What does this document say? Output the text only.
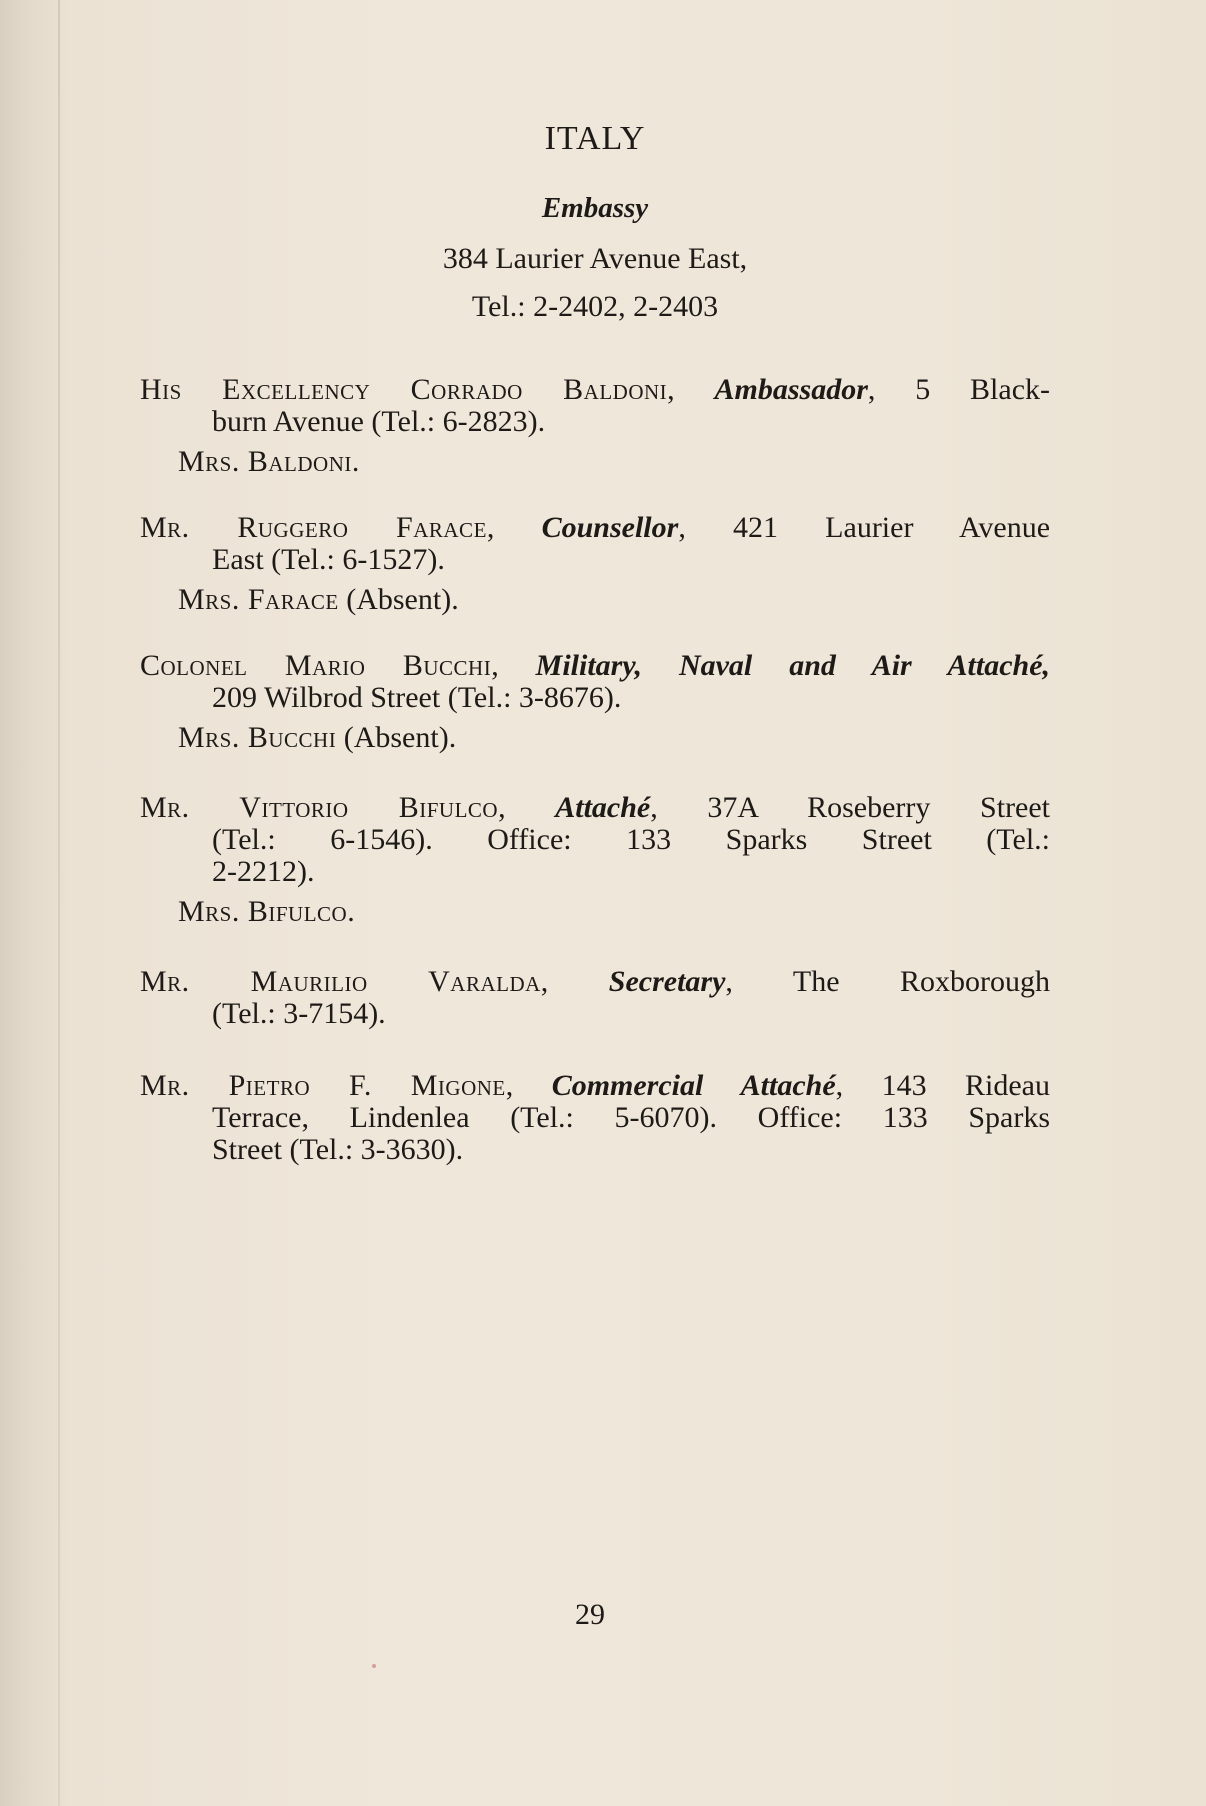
ITALY
Embassy

384 Laurier Avenue East,

Tel.: 2-2402, 2-2403

His Excellency Corrado Baldoni, Ambassador, 5 Black-
burn Avenue (Tel.: 6-2823).
Mrs. Baldoni.
Mr. Ruggero Farace, Counsellor, 421 Laurier Avenue
East (Tel.: 6-1527).
Mrs. Farace (Absent).
Colonel Mario Bucchi, Military, Naval and Air Attaché,
209 Wilbrod Street (Tel.: 3-8676).
Mrs. Bucchi (Absent).
Mr. Vittorio Bifulco, Attaché, 37A Roseberry Street
(Tel.: 6-1546). Office: 133 Sparks Street (Tel.:
2-2212).
Mrs. Bifulco.
Mr. Maurilio Varalda, Secretary, The Roxborough
(Tel.: 3-7154).
Mr. Pietro F. Migone, Commercial Attaché, 143 Rideau
Terrace, Lindenlea (Tel.: 5-6070). Office: 133 Sparks
Street (Tel.: 3-3630).

29
